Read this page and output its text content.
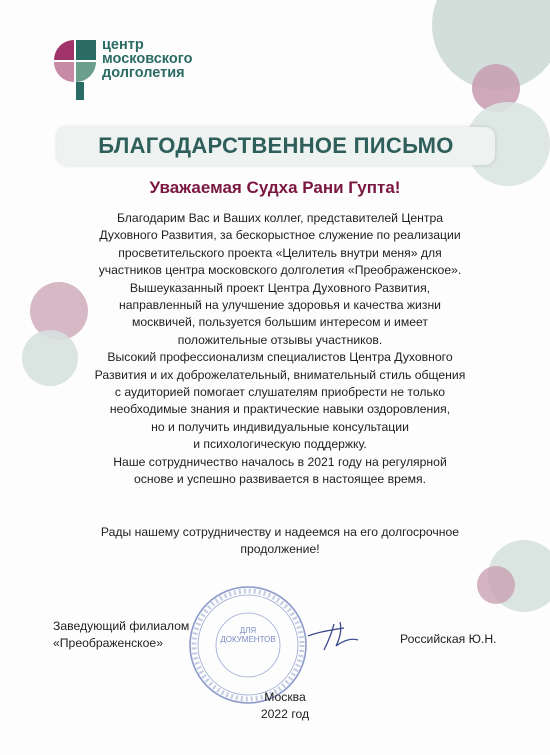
центр
московского
долголетия
БЛАГОДАРСТВЕННОЕ ПИСЬМО
Уважаемая Судха Рани Гупта!
Благодарим Вас и Ваших коллег, представителей Центра
Духовного Развития, за бескорыстное служение по реализации
просветительского проекта «Целитель внутри меня» для
участников центра московского долголетия «Преображенское».
Вышеуказанный проект Центра Духовного Развития,
направленный на улучшение здоровья и качества жизни
москвичей, пользуется большим интересом и имеет
положительные отзывы участников.
Высокий профессионализм специалистов Центра Духовного
Развития и их доброжелательный, внимательный стиль общения
с аудиторией помогает слушателям приобрести не только
необходимые знания и практические навыки оздоровления,
но и получить индивидуальные консультации
и психологическую поддержку.
Наше сотрудничество началось в 2021 году на регулярной
основе и успешно развивается в настоящее время.
Рады нашему сотрудничеству и надеемся на его долгосрочное
продолжение!
ДЛЯ ДОКУМЕНТОВ
Заведующий филиалом
«Преображенское»	Российская Ю.Н.
Москва
2022 год
